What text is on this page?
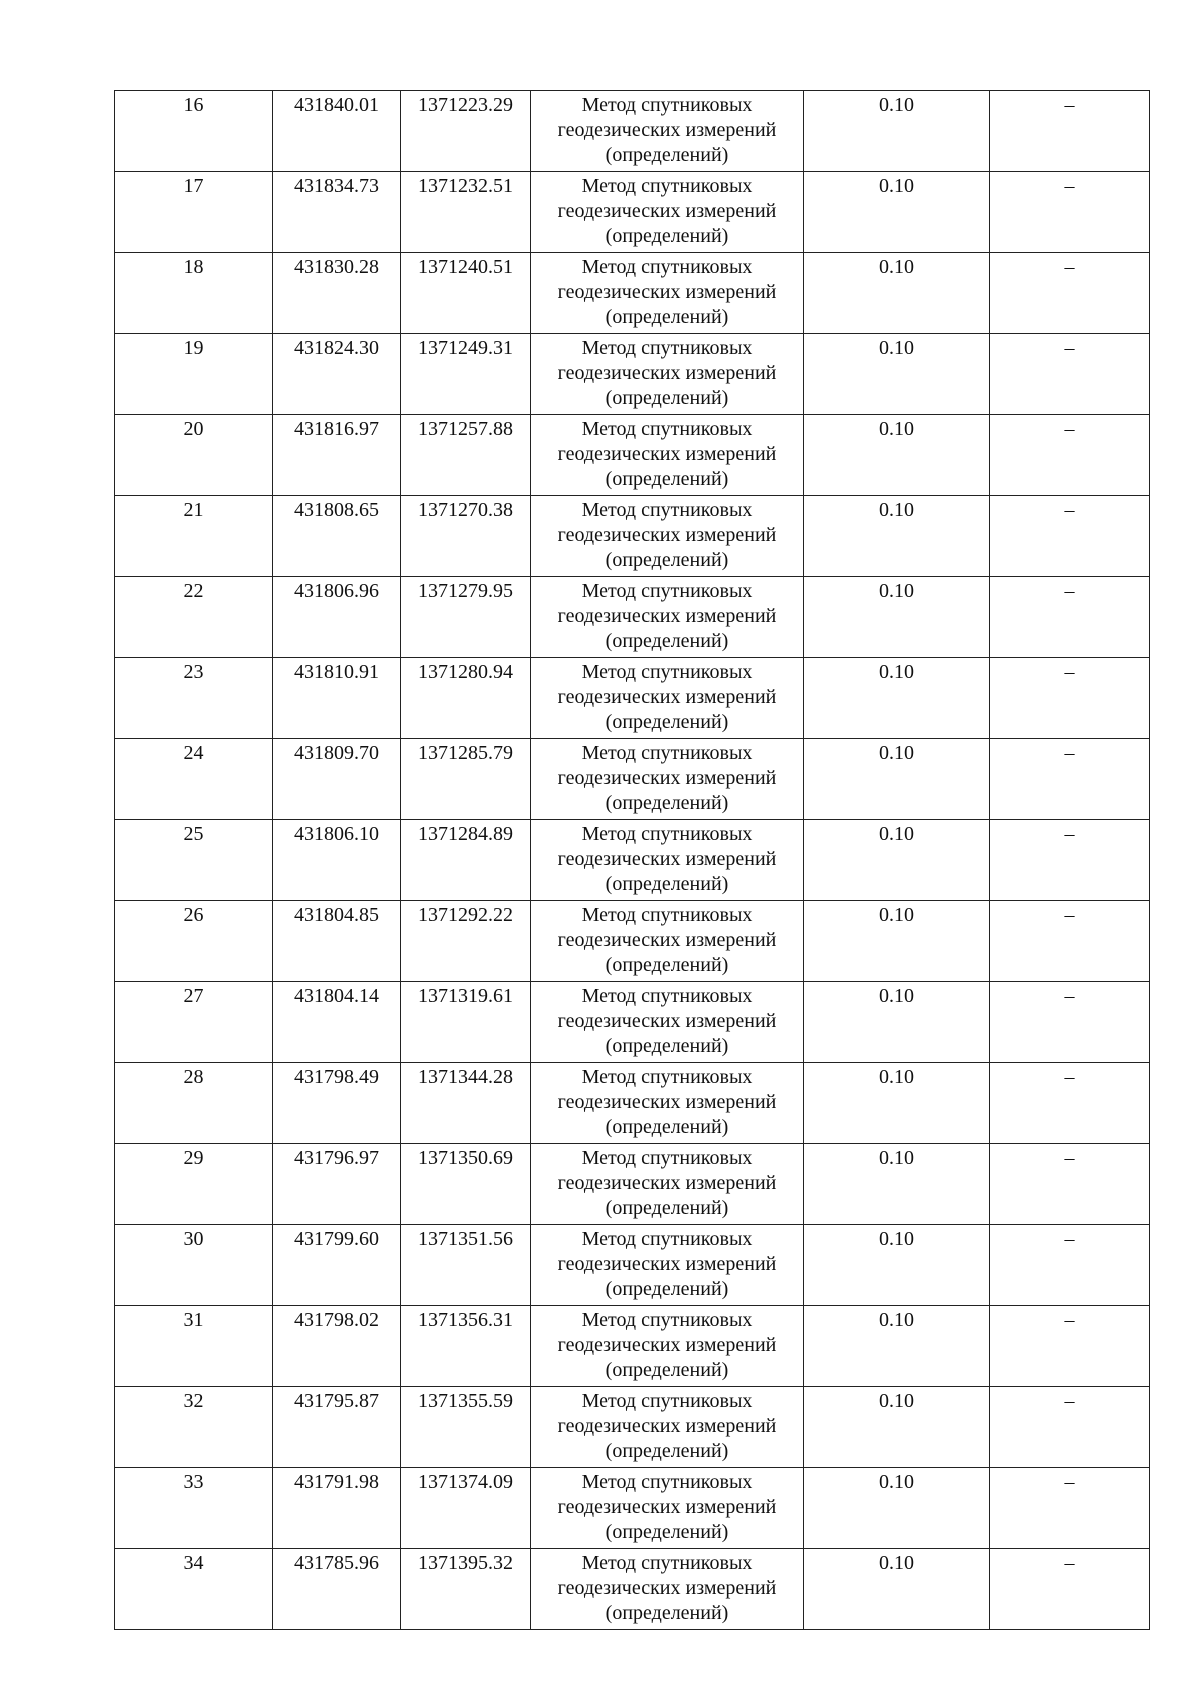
16	431840.01	1371223.29	Метод спутниковых геодезических измерений (определений)	0.10	–
17	431834.73	1371232.51	Метод спутниковых геодезических измерений (определений)	0.10	–
18	431830.28	1371240.51	Метод спутниковых геодезических измерений (определений)	0.10	–
19	431824.30	1371249.31	Метод спутниковых геодезических измерений (определений)	0.10	–
20	431816.97	1371257.88	Метод спутниковых геодезических измерений (определений)	0.10	–
21	431808.65	1371270.38	Метод спутниковых геодезических измерений (определений)	0.10	–
22	431806.96	1371279.95	Метод спутниковых геодезических измерений (определений)	0.10	–
23	431810.91	1371280.94	Метод спутниковых геодезических измерений (определений)	0.10	–
24	431809.70	1371285.79	Метод спутниковых геодезических измерений (определений)	0.10	–
25	431806.10	1371284.89	Метод спутниковых геодезических измерений (определений)	0.10	–
26	431804.85	1371292.22	Метод спутниковых геодезических измерений (определений)	0.10	–
27	431804.14	1371319.61	Метод спутниковых геодезических измерений (определений)	0.10	–
28	431798.49	1371344.28	Метод спутниковых геодезических измерений (определений)	0.10	–
29	431796.97	1371350.69	Метод спутниковых геодезических измерений (определений)	0.10	–
30	431799.60	1371351.56	Метод спутниковых геодезических измерений (определений)	0.10	–
31	431798.02	1371356.31	Метод спутниковых геодезических измерений (определений)	0.10	–
32	431795.87	1371355.59	Метод спутниковых геодезических измерений (определений)	0.10	–
33	431791.98	1371374.09	Метод спутниковых геодезических измерений (определений)	0.10	–
34	431785.96	1371395.32	Метод спутниковых геодезических измерений (определений)	0.10	–
